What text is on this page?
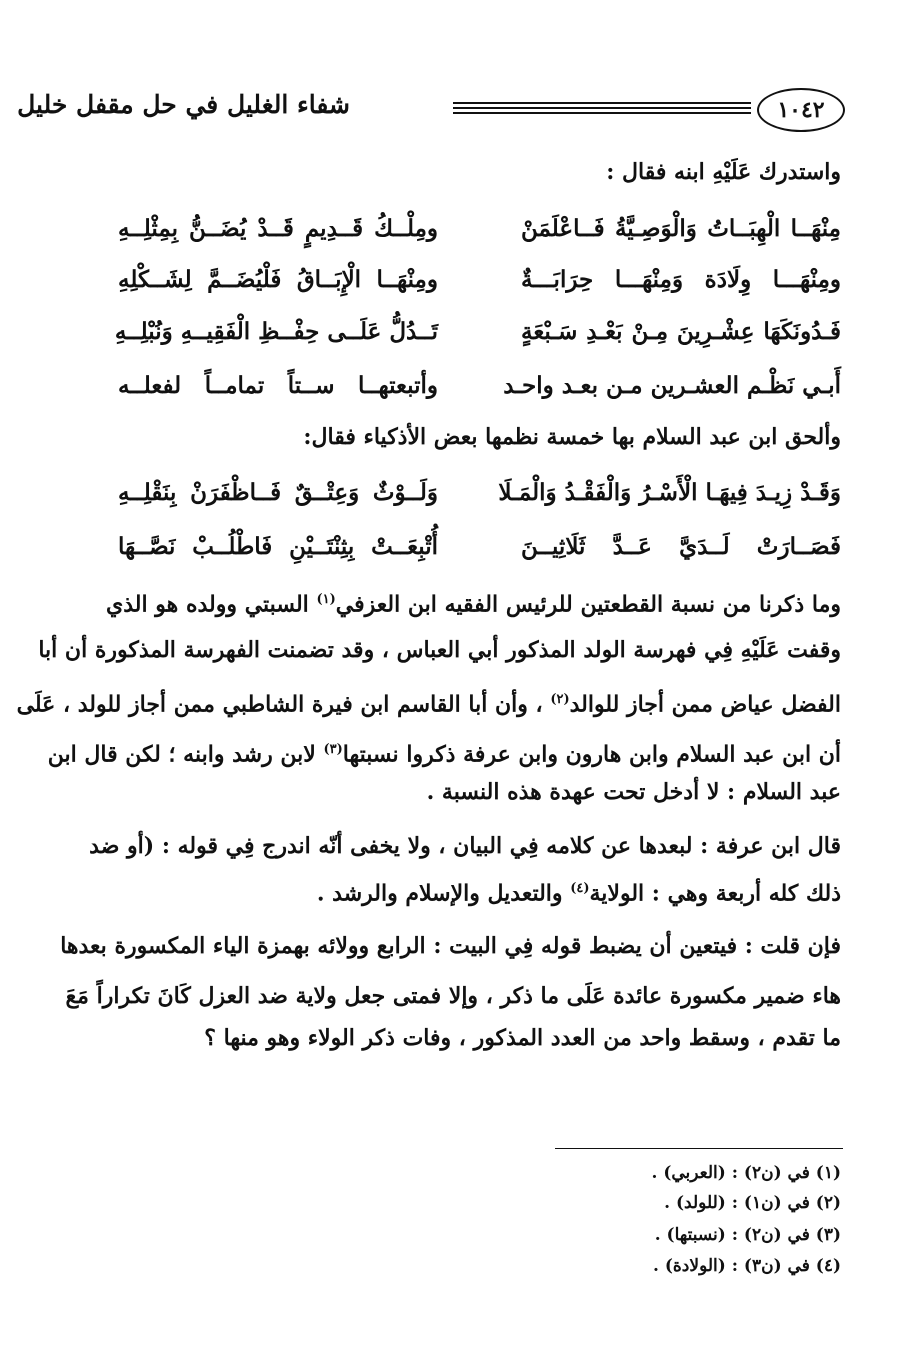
١٠٤٢
شفاء الغليل في حل مقفل خليل
واستدرك عَلَيْهِ ابنه فقال :
مِنْهَــا الْهِبَــاتُ وَالْوَصِـيَّةُ فَــاعْلَمَنْ
ومِلْــكُ قَــدِيمٍ قَــدْ يُضَــنُّ بِمِثْلِــهِ
ومِنْهَـــا وِلَادَة وَمِنْهَـــا حِرَابَـــةٌ
ومِنْهَــا الْإِبَــاقُ فَلْيُضَــمَّ لِشَــكْلِهِ
فَـدُونَكَهَا عِشْـرِينَ مِـنْ بَعْـدِ سَـبْعَةٍ
تَــدُلُّ عَلَــى حِفْــظِ الْفَقِيــهِ وَنُبْلِــهِ
أَبـي نَظْـم العشـرين مـن بعـد واحـد
وأتبعتهــا ســتاً تمامــاً لفعلــه
وألحق ابن عبد السلام بها خمسة نظمها بعض الأذكياء فقال:
وَقَـدْ زِيـدَ فِيهَـا الْأَسْـرُ وَالْفَقْـدُ وَالْمَـلَا
وَلَــوْثٌ وَعِتْــقٌ فَــاظْفَرَنْ بِنَقْلِــهِ
فَصَــارَتْ لَــدَيَّ عَــدَّ ثَلَاثِيــنَ
أُتْبِعَــتْ بِثِنْتَــيْنِ فَاطْلُــبْ نَصَّــهَا
وما ذكرنا من نسبة القطعتين للرئيس الفقيه ابن العزفي$^{(١)}$ السبتي وولده هو الذي
وقفت عَلَيْهِ فِي فهرسة الولد المذكور أبي العباس ، وقد تضمنت الفهرسة المذكورة أن أبا
الفضل عياض ممن أجاز للوالد$^{(٢)}$ ، وأن أبا القاسم ابن فيرة الشاطبي ممن أجاز للولد ، عَلَى
أن ابن عبد السلام وابن هارون وابن عرفة ذكروا نسبتها$^{(٣)}$ لابن رشد وابنه ؛ لكن قال ابن
عبد السلام : لا أدخل تحت عهدة هذه النسبة .
قال ابن عرفة : لبعدها عن كلامه فِي البيان ، ولا يخفى أنّه اندرج فِي قوله : (أو ضد
ذلك كله أربعة وهي : الولاية$^{(٤)}$ والتعديل والإسلام والرشد .
فإن قلت : فيتعين أن يضبط قوله فِي البيت : الرابع وولائه بهمزة الياء المكسورة بعدها
هاء ضمير مكسورة عائدة عَلَى ما ذكر ، وإلا فمتى جعل ولاية ضد العزل كَانَ تكراراً مَعَ
ما تقدم ، وسقط واحد من العدد المذكور ، وفات ذكر الولاء وهو منها ؟
(١) في (ن٢) : (العربي) .
(٢) في (ن١) : (للولد) .
(٣) في (ن٢) : (نسبتها) .
(٤) في (ن٣) : (الولادة) .
